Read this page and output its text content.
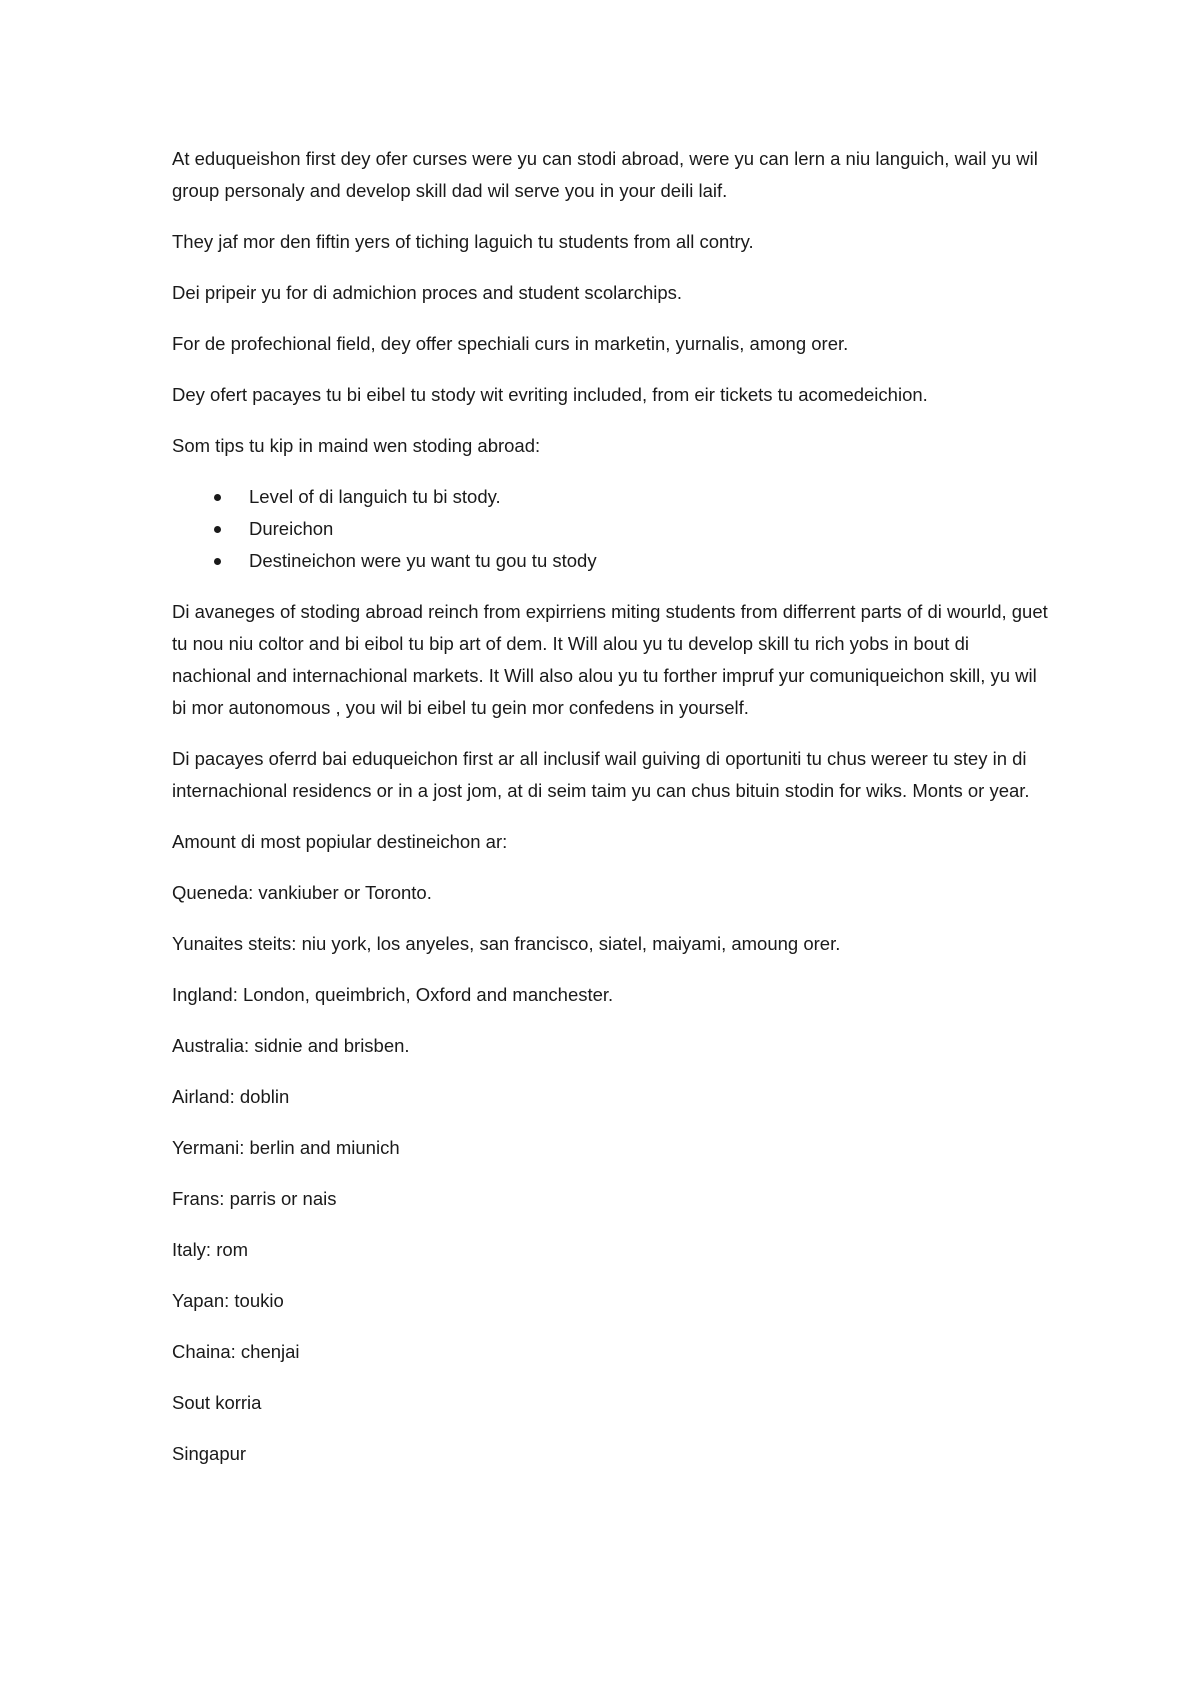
At eduqueishon first dey ofer curses were yu can stodi abroad, were yu can lern a niu languich, wail yu wil group personaly and develop skill dad wil serve you in your deili laif.

They jaf mor den fiftin yers of tiching laguich tu students from all contry.

Dei pripeir yu for di admichion proces and student scolarchips.

For de profechional field, dey offer spechiali curs in marketin, yurnalis, among orer.

Dey ofert pacayes tu bi eibel tu stody wit evriting included, from eir tickets tu acomedeichion.

Som tips tu kip in maind wen stoding abroad:

Level of di languich tu bi stody.
Dureichon
Destineichon were yu want tu gou tu stody

Di avaneges of stoding abroad reinch from expirriens miting students from differrent parts of di wourld, guet tu nou niu coltor and bi eibol tu bip art of dem. It Will alou yu tu develop skill tu rich yobs in bout di nachional and internachional markets. It Will also alou yu tu forther impruf yur comuniqueichon skill, yu wil bi mor autonomous , you wil bi eibel tu gein mor confedens in yourself.

Di pacayes oferrd bai eduqueichon first ar all inclusif wail guiving di oportuniti tu chus wereer tu stey in di internachional residencs or in a jost jom, at di seim taim yu can chus bituin stodin for wiks. Monts or year.

Amount di most popiular destineichon ar:

Queneda: vankiuber or Toronto.

Yunaites steits: niu york, los anyeles, san francisco, siatel, maiyami, amoung orer.

Ingland: London, queimbrich, Oxford and manchester.

Australia: sidnie and brisben.

Airland: doblin

Yermani: berlin and miunich

Frans: parris or nais

Italy: rom

Yapan: toukio

Chaina: chenjai

Sout korria

Singapur
